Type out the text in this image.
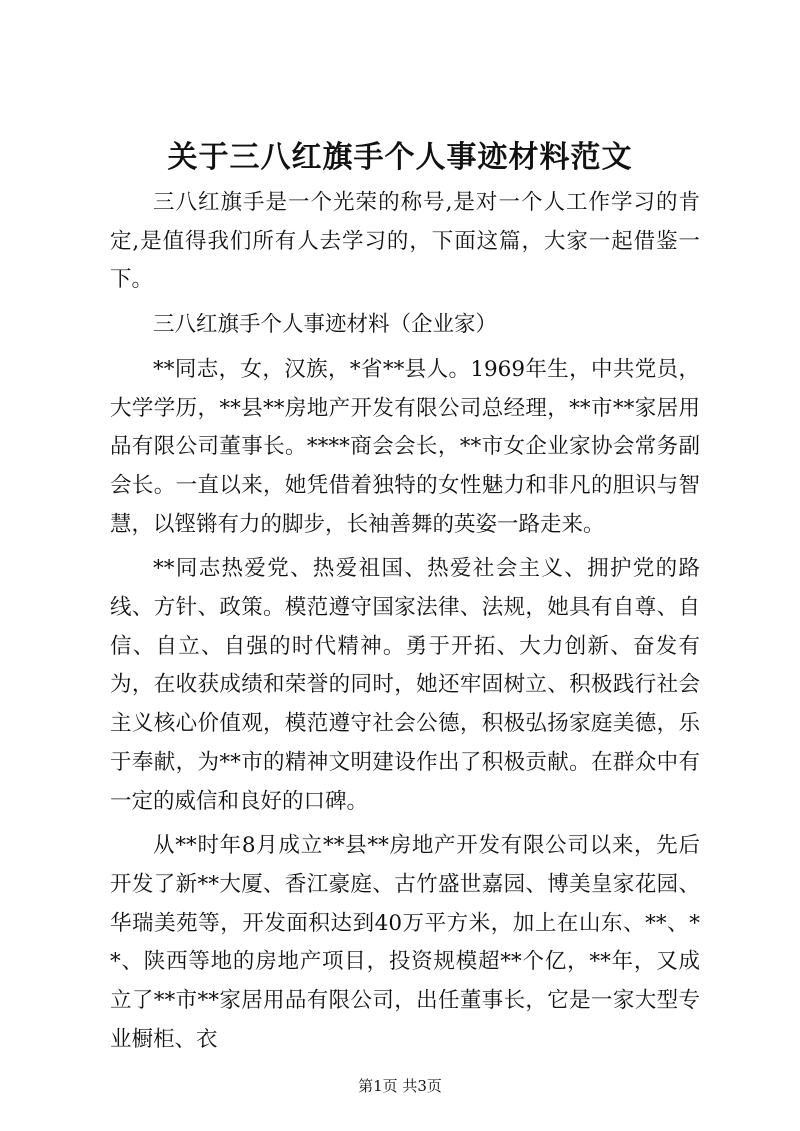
关于三八红旗手个人事迹材料范文

三八红旗手是一个光荣的称号,是对一个人工作学习的肯定,是值得我们所有人去学习的，下面这篇，大家一起借鉴一下。

三八红旗手个人事迹材料（企业家）

**同志，女，汉族，*省**县人。1969年生，中共党员，大学学历，**县**房地产开发有限公司总经理，**市**家居用品有限公司董事长。****商会会长，**市女企业家协会常务副会长。一直以来，她凭借着独特的女性魅力和非凡的胆识与智慧，以铿锵有力的脚步，长袖善舞的英姿一路走来。

**同志热爱党、热爱祖国、热爱社会主义、拥护党的路线、方针、政策。模范遵守国家法律、法规，她具有自尊、自信、自立、自强的时代精神。勇于开拓、大力创新、奋发有为，在收获成绩和荣誉的同时，她还牢固树立、积极践行社会主义核心价值观，模范遵守社会公德，积极弘扬家庭美德，乐于奉献，为**市的精神文明建设作出了积极贡献。在群众中有一定的威信和良好的口碑。

从**时年8月成立**县**房地产开发有限公司以来，先后开发了新**大厦、香江豪庭、古竹盛世嘉园、博美皇家花园、华瑞美苑等，开发面积达到40万平方米，加上在山东、**、**、陕西等地的房地产项目，投资规模超**个亿，**年，又成立了**市**家居用品有限公司，出任董事长，它是一家大型专业橱柜、衣

第1页 共3页
